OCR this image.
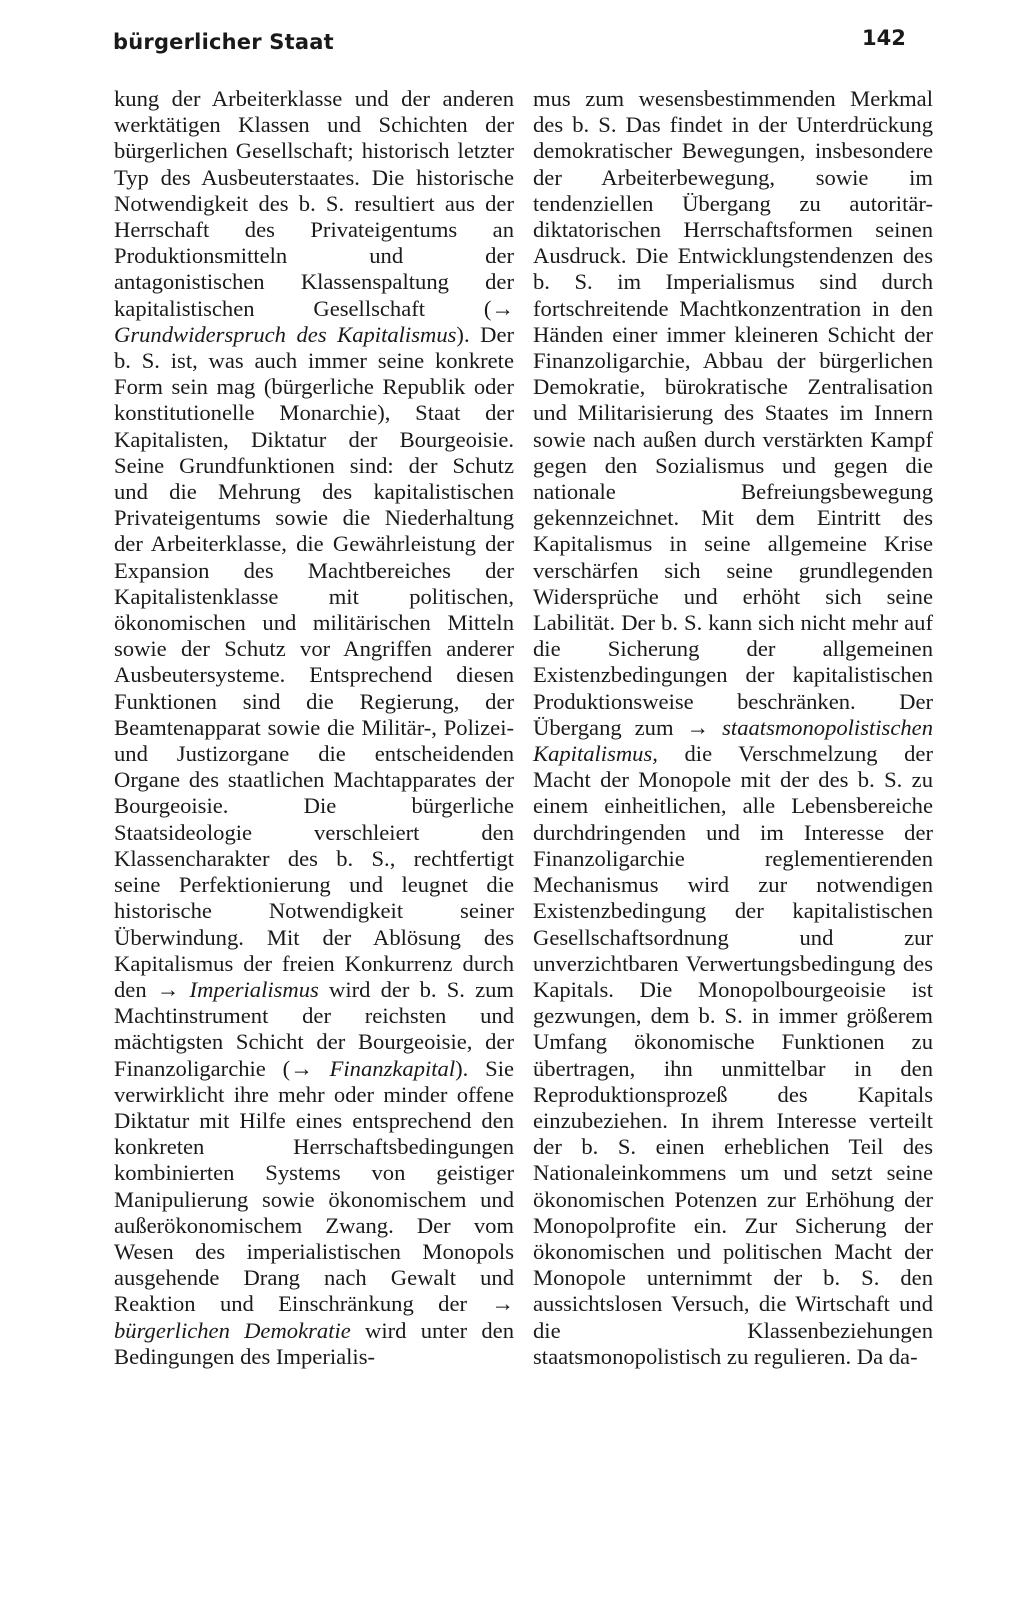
bürgerlicher Staat	142

kung der Arbeiterklasse und der anderen werktätigen Klassen und Schichten der bürgerlichen Gesellschaft; historisch letzter Typ des Ausbeuterstaates. Die historische Notwendigkeit des b. S. resultiert aus der Herrschaft des Privateigentums an Produktionsmitteln und der antagonistischen Klassenspaltung der kapitalistischen Gesellschaft (→ Grundwiderspruch des Kapitalismus). Der b. S. ist, was auch immer seine konkrete Form sein mag (bürgerliche Republik oder konstitutionelle Monarchie), Staat der Kapitalisten, Diktatur der Bourgeoisie. Seine Grundfunktionen sind: der Schutz und die Mehrung des kapitalistischen Privateigentums sowie die Niederhaltung der Arbeiterklasse, die Gewährleistung der Expansion des Machtbereiches der Kapitalistenklasse mit politischen, ökonomischen und militärischen Mitteln sowie der Schutz vor Angriffen anderer Ausbeutersysteme. Entsprechend diesen Funktionen sind die Regierung, der Beamtenapparat sowie die Militär-, Polizei- und Justizorgane die entscheidenden Organe des staatlichen Machtapparates der Bourgeoisie. Die bürgerliche Staatsideologie verschleiert den Klassencharakter des b. S., rechtfertigt seine Perfektionierung und leugnet die historische Notwendigkeit seiner Überwindung. Mit der Ablösung des Kapitalismus der freien Konkurrenz durch den → Imperialismus wird der b. S. zum Machtinstrument der reichsten und mächtigsten Schicht der Bourgeoisie, der Finanzoligarchie (→ Finanzkapital). Sie verwirklicht ihre mehr oder minder offene Diktatur mit Hilfe eines entsprechend den konkreten Herrschaftsbedingungen kombinierten Systems von geistiger Manipulierung sowie ökonomischem und außerökonomischem Zwang. Der vom Wesen des imperialistischen Monopols ausgehende Drang nach Gewalt und Reaktion und Einschränkung der → bürgerlichen Demokratie wird unter den Bedingungen des Imperialis-

mus zum wesensbestimmenden Merkmal des b. S. Das findet in der Unterdrückung demokratischer Bewegungen, insbesondere der Arbeiterbewegung, sowie im tendenziellen Übergang zu autoritär-diktatorischen Herrschaftsformen seinen Ausdruck. Die Entwicklungstendenzen des b. S. im Imperialismus sind durch fortschreitende Machtkonzentration in den Händen einer immer kleineren Schicht der Finanzoligarchie, Abbau der bürgerlichen Demokratie, bürokratische Zentralisation und Militarisierung des Staates im Innern sowie nach außen durch verstärkten Kampf gegen den Sozialismus und gegen die nationale Befreiungsbewegung gekennzeichnet. Mit dem Eintritt des Kapitalismus in seine allgemeine Krise verschärfen sich seine grundlegenden Widersprüche und erhöht sich seine Labilität. Der b. S. kann sich nicht mehr auf die Sicherung der allgemeinen Existenzbedingungen der kapitalistischen Produktionsweise beschränken. Der Übergang zum → staatsmonopolistischen Kapitalismus, die Verschmelzung der Macht der Monopole mit der des b. S. zu einem einheitlichen, alle Lebensbereiche durchdringenden und im Interesse der Finanzoligarchie reglementierenden Mechanismus wird zur notwendigen Existenzbedingung der kapitalistischen Gesellschaftsordnung und zur unverzichtbaren Verwertungsbedingung des Kapitals. Die Monopolbourgeoisie ist gezwungen, dem b. S. in immer größerem Umfang ökonomische Funktionen zu übertragen, ihn unmittelbar in den Reproduktionsprozeß des Kapitals einzubeziehen. In ihrem Interesse verteilt der b. S. einen erheblichen Teil des Nationaleinkommens um und setzt seine ökonomischen Potenzen zur Erhöhung der Monopolprofite ein. Zur Sicherung der ökonomischen und politischen Macht der Monopole unternimmt der b. S. den aussichtslosen Versuch, die Wirtschaft und die Klassenbeziehungen staatsmonopolistisch zu regulieren. Da da-
